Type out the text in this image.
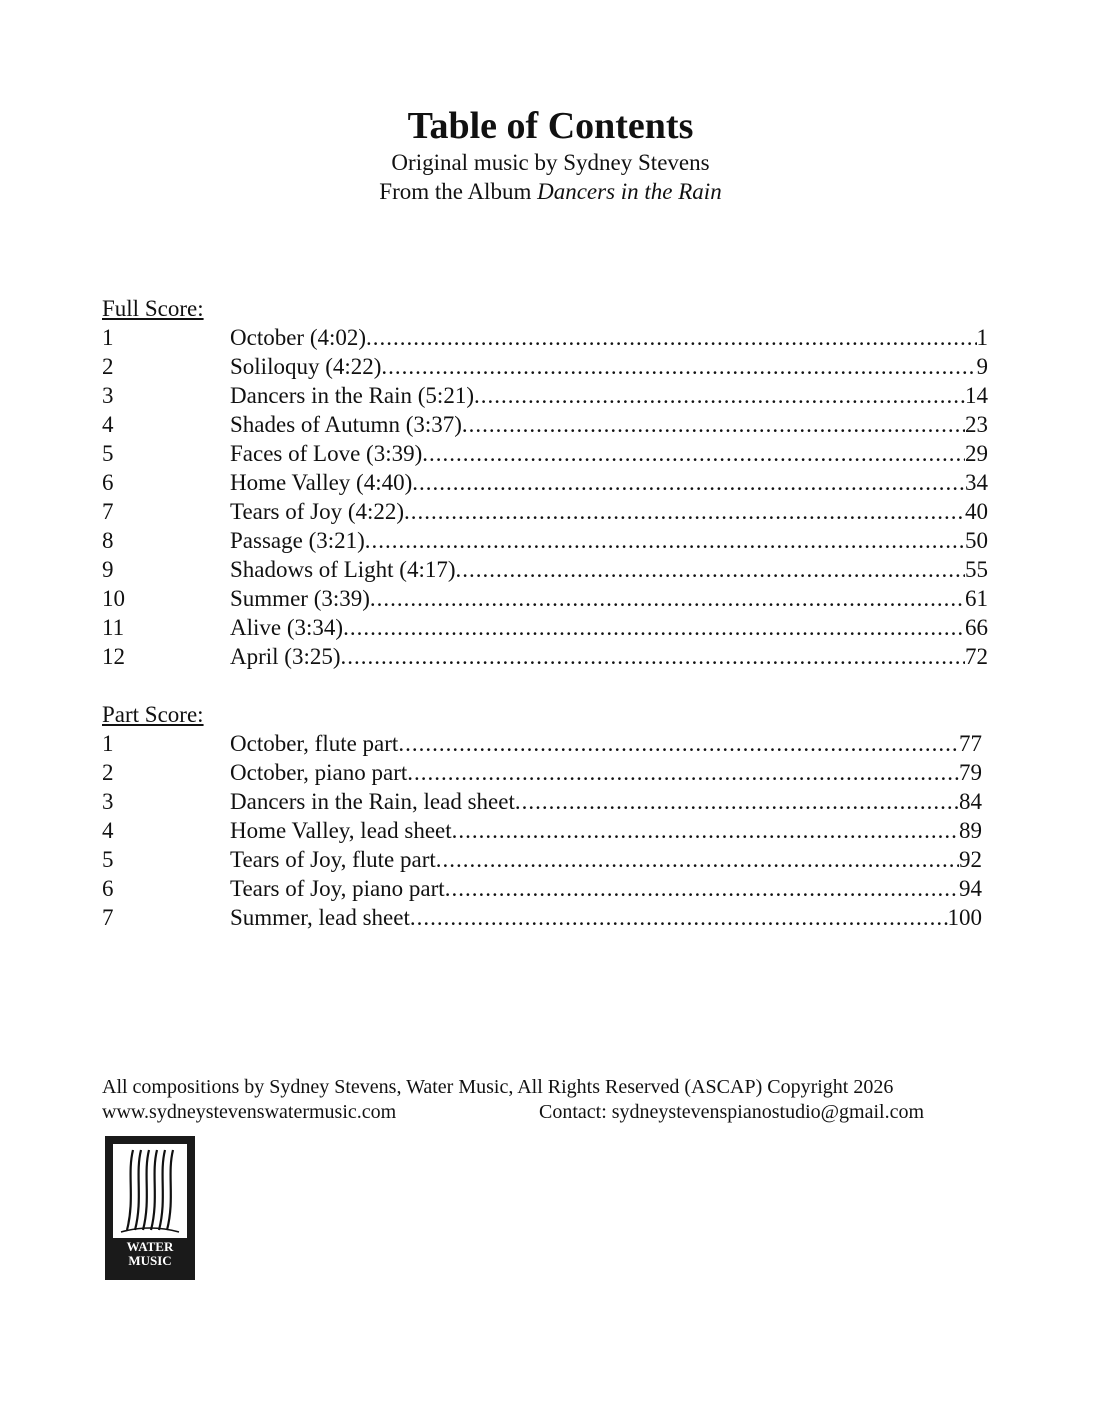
Table of Contents
Original music by Sydney Stevens
From the Album Dancers in the Rain
Full Score:
1	October (4:02) .....	1
2	Soliloquy (4:22) .....	9
3	Dancers in the Rain (5:21) .....	14
4	Shades of Autumn (3:37) .....	23
5	Faces of Love (3:39) .....	29
6	Home Valley (4:40) .....	34
7	Tears of Joy (4:22) .....	40
8	Passage (3:21) .....	50
9	Shadows of Light (4:17) .....	55
10	Summer (3:39) .....	61
11	Alive (3:34) .....	66
12	April (3:25) .....	72
Part Score:
1	October, flute part .....	77
2	October, piano part .....	79
3	Dancers in the Rain, lead sheet .....	84
4	Home Valley, lead sheet .....	89
5	Tears of Joy, flute part .....	92
6	Tears of Joy, piano part .....	94
7	Summer, lead sheet .....	100
All compositions by Sydney Stevens, Water Music, All Rights Reserved (ASCAP) Copyright 2026
www.sydneystevenswatermusic.com	Contact: sydneystevenspianostudio@gmail.com
WATER
MUSIC
